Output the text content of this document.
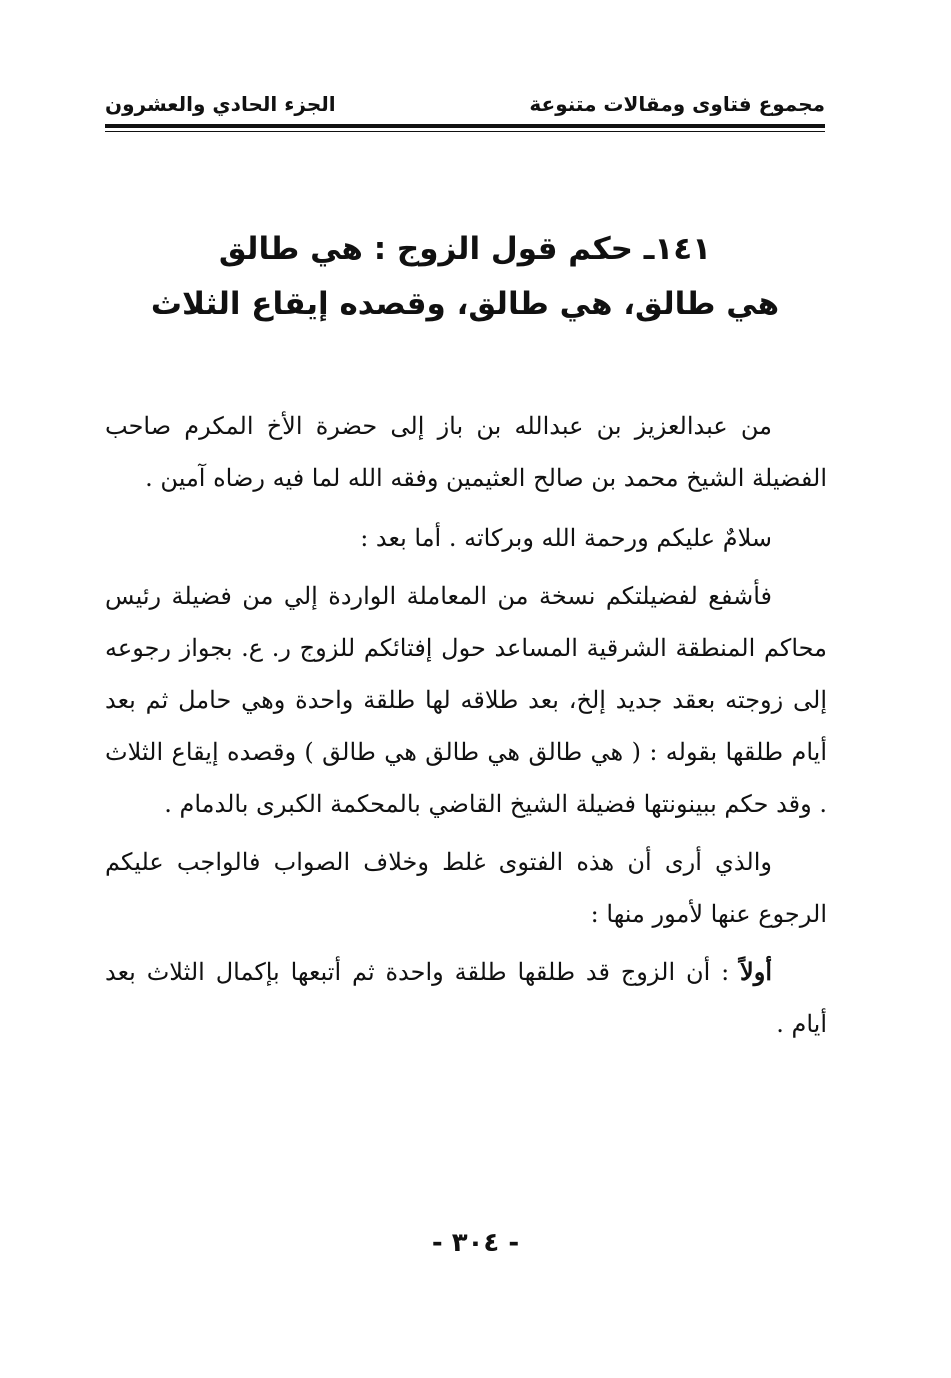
مجموع فتاوى ومقالات متنوعة
الجزء الحادي والعشرون
١٤١ـ حكم قول الزوج : هي طالق
هي طالق، هي طالق، وقصده إيقاع الثلاث

من عبدالعزيز بن عبدالله بن باز إلى حضرة الأخ المكرم صاحب الفضيلة الشيخ محمد بن صالح العثيمين وفقه الله لما فيه رضاه آمين .

سلامٌ عليكم ورحمة الله وبركاته . أما بعد :

فأشفع لفضيلتكم نسخة من المعاملة الواردة إلي من فضيلة رئيس محاكم المنطقة الشرقية المساعد حول إفتائكم للزوج ر. ع. بجواز رجوعه إلى زوجته بعقد جديد إلخ، بعد طلاقه لها طلقة واحدة وهي حامل ثم بعد أيام طلقها بقوله : ( هي طالق هي طالق هي طالق ) وقصده إيقاع الثلاث . وقد حكم ببينونتها فضيلة الشيخ القاضي بالمحكمة الكبرى بالدمام .

والذي أرى أن هذه الفتوى غلط وخلاف الصواب فالواجب عليكم الرجوع عنها لأمور منها :

أولاً : أن الزوج قد طلقها طلقة واحدة ثم أتبعها بإكمال الثلاث بعد أيام .

- ٣٠٤ -
